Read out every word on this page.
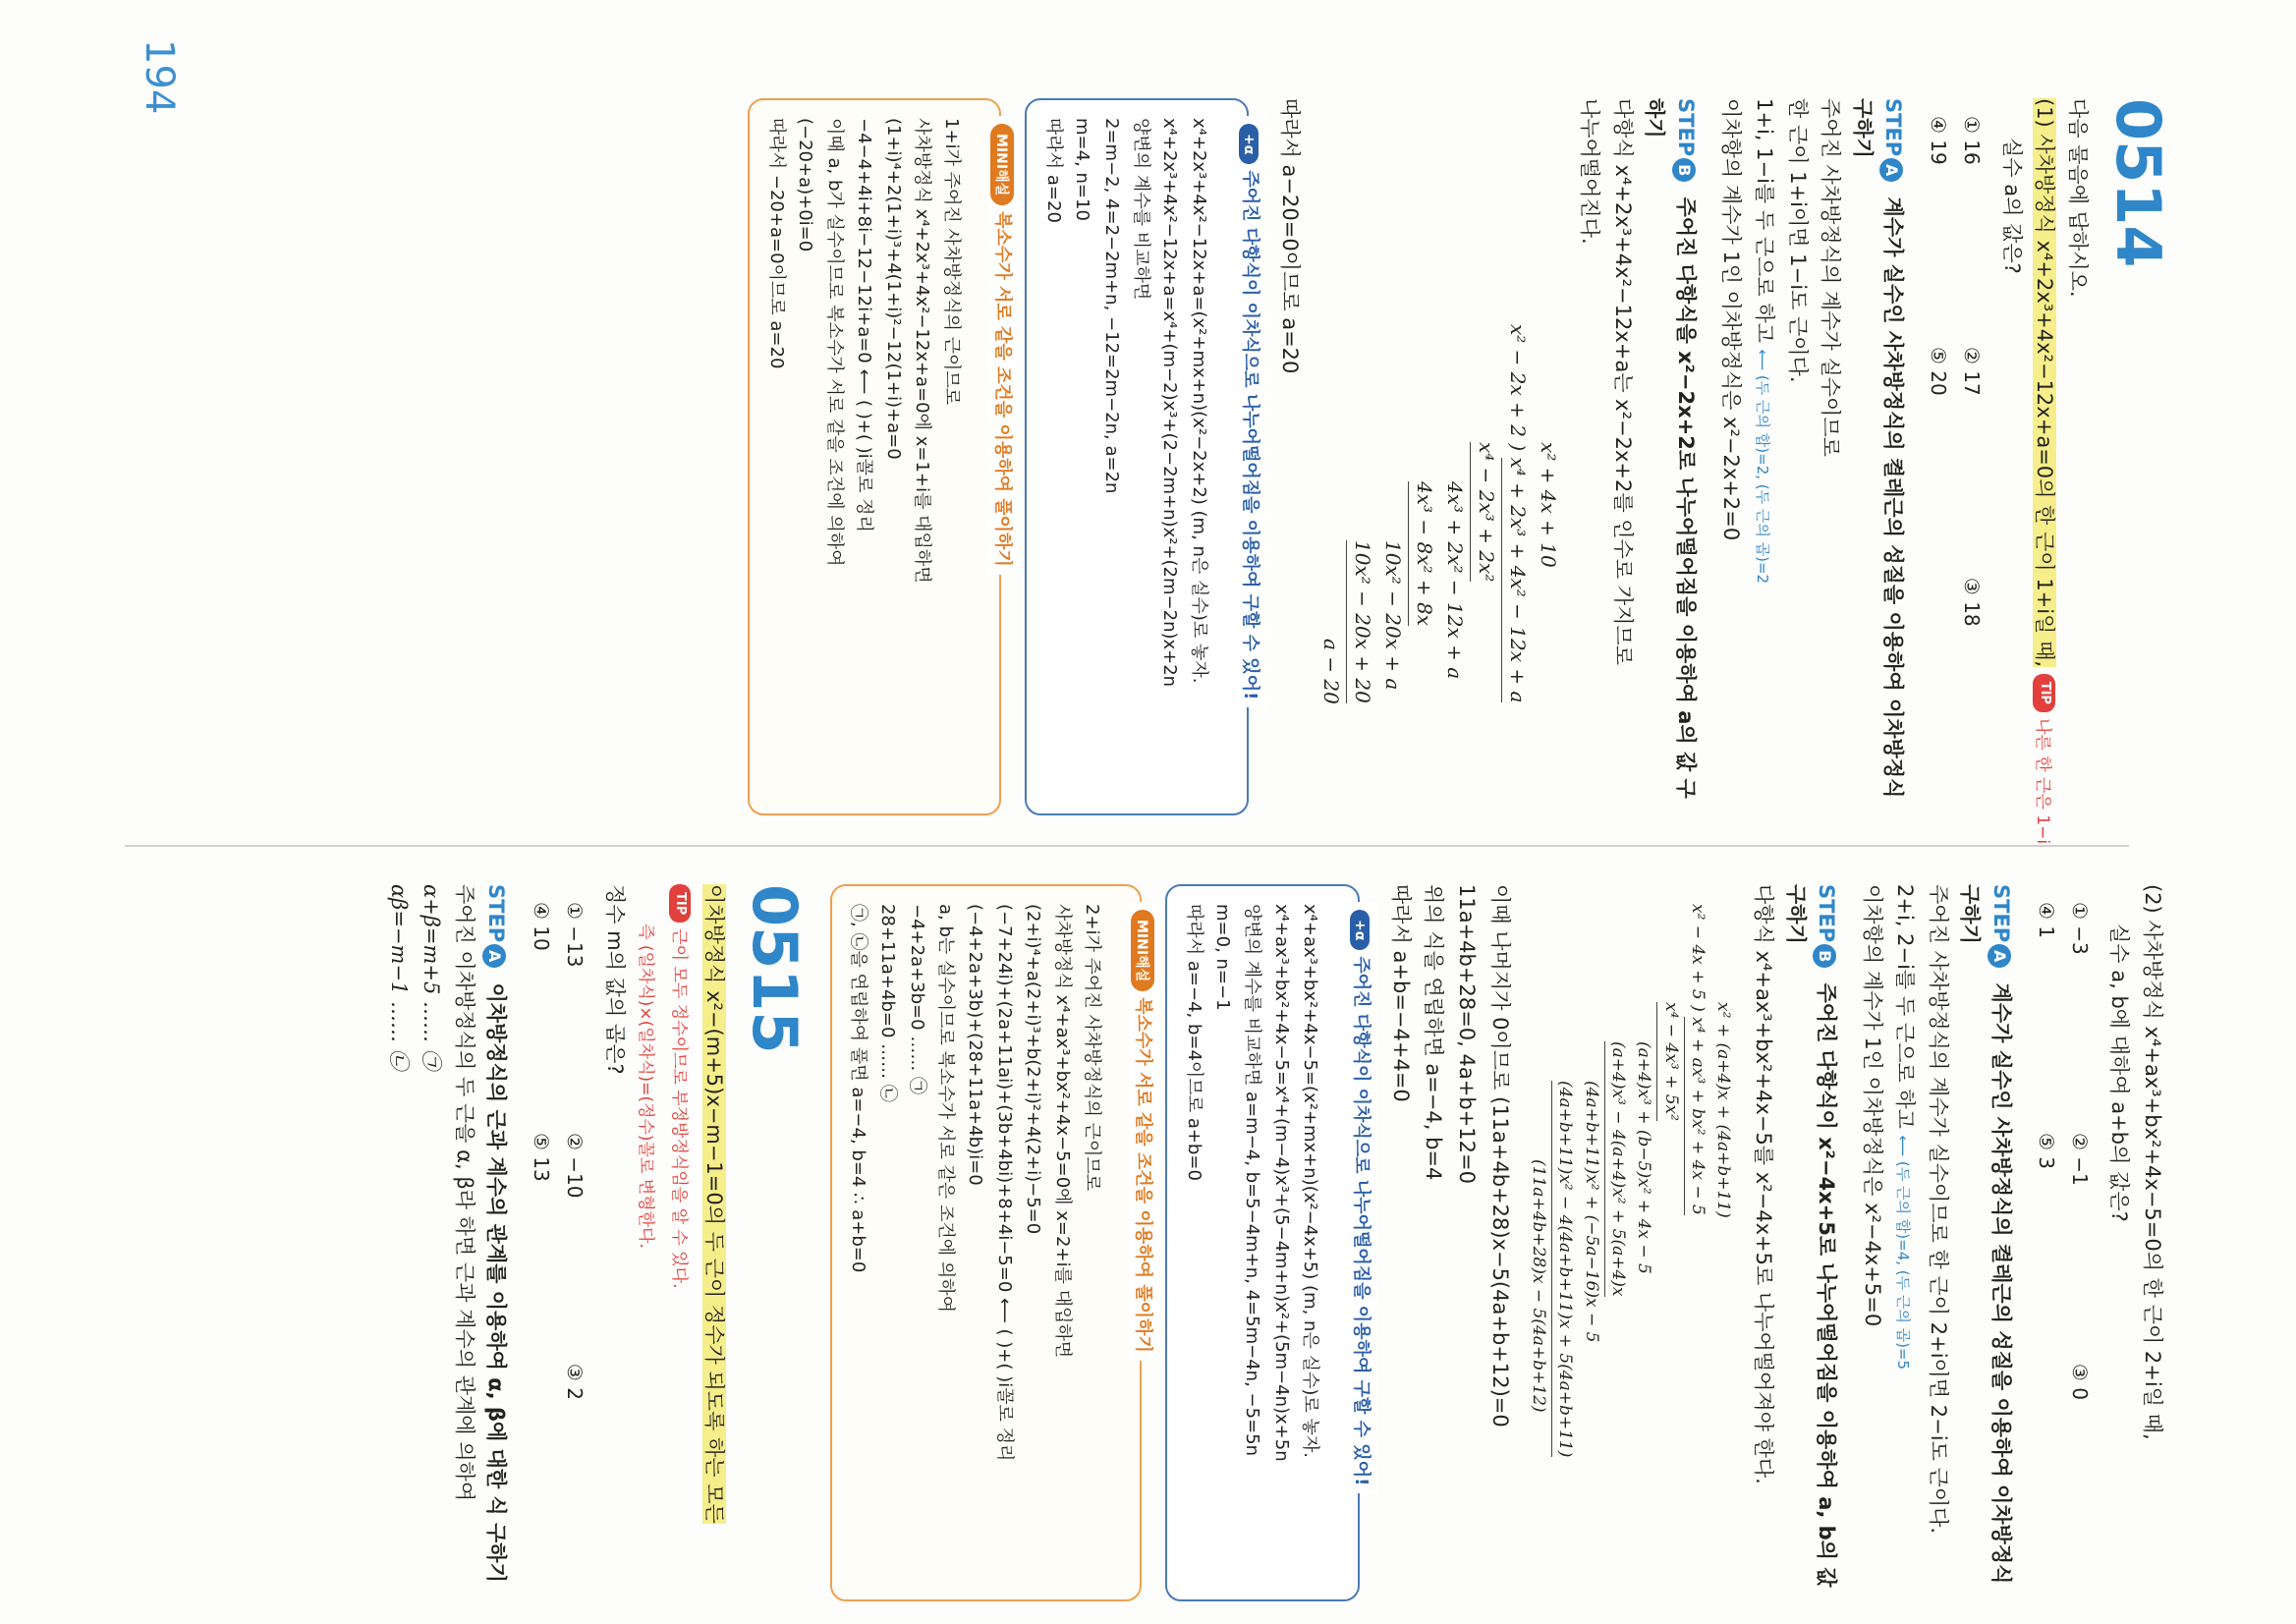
194
0514
다음 물음에 답하시오.
(1) 사차방정식 x⁴+2x³+4x²−12x+a=0의 한 근이 1+i일 때, TIP나른 한 근은 1−i
실수 a의 값은?
① 16
② 17
③ 18
④ 19
⑤ 20
STEPA 계수가 실수인 사차방정식의 켤레근의 성질을 이용하여 이차방정식 구하기
주어진 사차방정식의 계수가 실수이므로
한 근이 1+i이면 1−i도 근이다.
1+i, 1−i를 두 근으로 하고 ⟵ (두 근의 합)=2, (두 근의 곱)=2
이차항의 계수가 1인 이차방정식은 x²−2x+2=0
STEPB 주어진 다항식을 x²−2x+2로 나누어떨어짐을 이용하여 a의 값 구하기
다항식 x⁴+2x³+4x²−12x+a는 x²−2x+2를 인수로 가지므로
나누어떨어진다.
x² + 4x + 10
x² − 2x + 2 ) x⁴ + 2x³ + 4x² − 12x + a
x⁴ − 2x³ + 2x²
4x³ + 2x² − 12x + a
4x³ − 8x² + 8x
10x² − 20x + a
10x² − 20x + 20
a − 20
따라서 a−20=0이므로 a=20
+α주어진 다항식이 이차식으로 나누어떨어짐을 이용하여 구할 수 있어!
x⁴+2x³+4x²−12x+a=(x²+mx+n)(x²−2x+2) (m, n은 실수)로 놓자.
x⁴+2x³+4x²−12x+a=x⁴+(m−2)x³+(2−2m+n)x²+(2m−2n)x+2n
양변의 계수를 비교하면
2=m−2, 4=2−2m+n, −12=2m−2n, a=2n
m=4, n=10
따라서 a=20
MINI해설복소수가 서로 같을 조건을 이용하여 풀이하기
1+i가 주어진 사차방정식의 근이므로
사차방정식 x⁴+2x³+4x²−12x+a=0에 x=1+i를 대입하면
(1+i)⁴+2(1+i)³+4(1+i)²−12(1+i)+a=0
−4−4+4i+8i−12−12i+a=0 ⟵ ( )+( )i꼴로 정리
이때 a, b가 실수이므로 복소수가 서로 같을 조건에 의하여
(−20+a)+0i=0
따라서 −20+a=0이므로 a=20
(2) 사차방정식 x⁴+ax³+bx²+4x−5=0의 한 근이 2+i일 때,
실수 a, b에 대하여 a+b의 값은?
① −3
② −1
③ 0
④ 1
⑤ 3
STEPA 계수가 실수인 사차방정식의 켤레근의 성질을 이용하여 이차방정식 구하기
주어진 사차방정식의 계수가 실수이므로 한 근이 2+i이면 2−i도 근이다.
2+i, 2−i를 두 근으로 하고 ⟵ (두 근의 합)=4, (두 근의 곱)=5
이차항의 계수가 1인 이차방정식은 x²−4x+5=0
STEPB 주어진 다항식이 x²−4x+5로 나누어떨어짐을 이용하여 a, b의 값 구하기
다항식 x⁴+ax³+bx²+4x−5를 x²−4x+5로 나누어떨어져야 한다.
x² + (a+4)x + (4a+b+11)
x² − 4x + 5 ) x⁴ + ax³ + bx² + 4x − 5
x⁴ − 4x³ + 5x²
(a+4)x³ + (b−5)x² + 4x − 5
(a+4)x³ − 4(a+4)x² + 5(a+4)x
(4a+b+11)x² + (−5a−16)x − 5
(4a+b+11)x² − 4(4a+b+11)x + 5(4a+b+11)
(11a+4b+28)x − 5(4a+b+12)
이때 나머지가 0이므로 (11a+4b+28)x−5(4a+b+12)=0
11a+4b+28=0, 4a+b+12=0
위의 식을 연립하면 a=−4, b=4
따라서 a+b=−4+4=0
+α주어진 다항식이 이차식으로 나누어떨어짐을 이용하여 구할 수 있어!
x⁴+ax³+bx²+4x−5=(x²+mx+n)(x²−4x+5) (m, n은 실수)로 놓자.
x⁴+ax³+bx²+4x−5=x⁴+(m−4)x³+(5−4m+n)x²+(5m−4n)x+5n
양변의 계수를 비교하면 a=m−4, b=5−4m+n, 4=5m−4n, −5=5n
m=0, n=−1
따라서 a=−4, b=4이므로 a+b=0
MINI해설복소수가 서로 같을 조건을 이용하여 풀이하기
2+i가 주어진 사차방정식의 근이므로
사차방정식 x⁴+ax³+bx²+4x−5=0에 x=2+i를 대입하면
(2+i)⁴+a(2+i)³+b(2+i)²+4(2+i)−5=0
(−7+24i)+(2a+11ai)+(3b+4bi)+8+4i−5=0 ⟵ ( )+( )i꼴로 정리
(−4+2a+3b)+(28+11a+4b)i=0
a, b는 실수이므로 복소수가 서로 같은 조건에 의하여
−4+2a+3b=0 …… ㉠
28+11a+4b=0 …… ㉡
㉠, ㉡을 연립하여 풀면 a=−4, b=4 ∴ a+b=0
0515
이차방정식 x²−(m+5)x−m−1=0의 두 근이 정수가 되도록 하는 모든
TIP근이 모두 정수이므로 부정방정식임을 알 수 있다.
즉 (일차식)×(일차식)=(정수)꼴로 변형한다.
정수 m의 값의 곱은?
① −13
② −10
③ 2
④ 10
⑤ 13
STEPA 이차방정식의 근과 계수의 관계를 이용하여 α, β에 대한 식 구하기
주어진 이차방정식의 두 근을 α, β라 하면 근과 계수의 관계에 의하여
α+β=m+5 …… ㉠
αβ=−m−1 …… ㉡
